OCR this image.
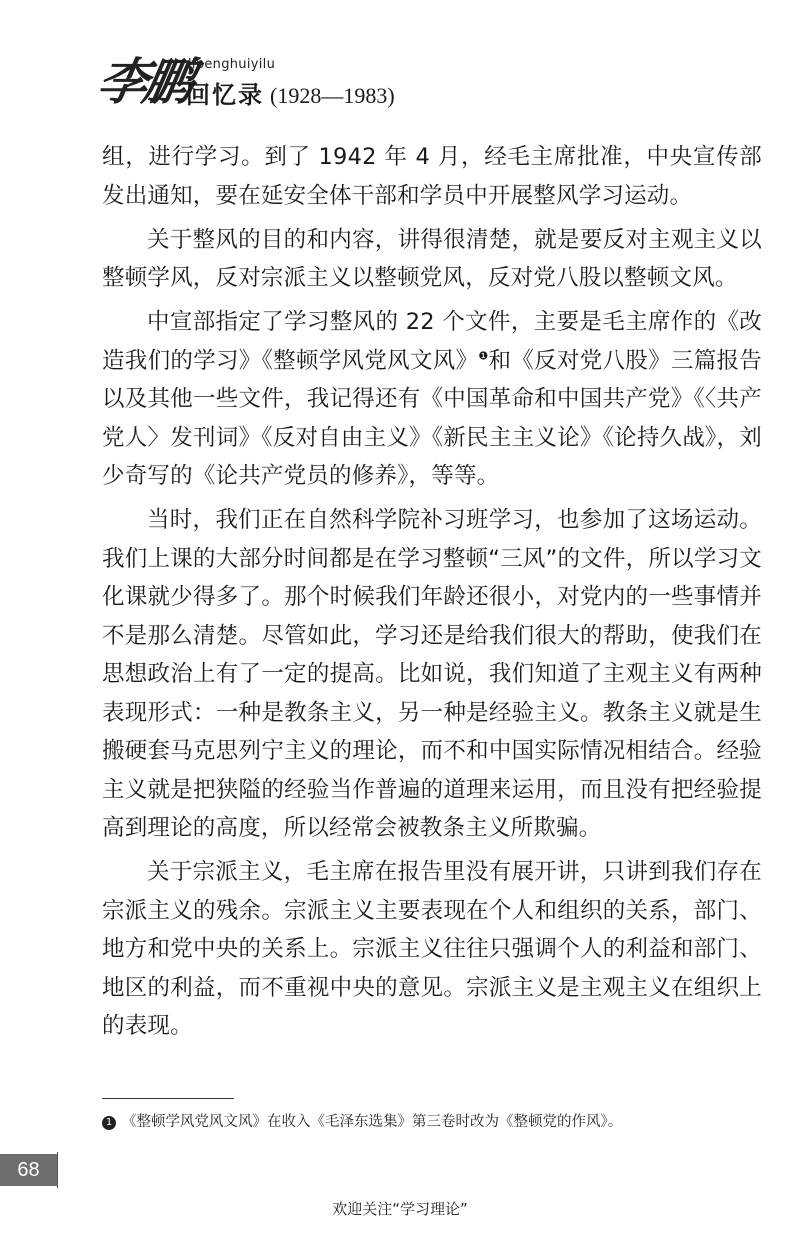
李鹏
lipenghuiyilu
回忆录 (1928—1983)

组，进行学习。到了 1942 年 4 月，经毛主席批准，中央宣传部发出通知，要在延安全体干部和学员中开展整风学习运动。

关于整风的目的和内容，讲得很清楚，就是要反对主观主义以整顿学风，反对宗派主义以整顿党风，反对党八股以整顿文风。

中宣部指定了学习整风的 22 个文件，主要是毛主席作的《改造我们的学习》《整顿学风党风文风》$^❶$和《反对党八股》三篇报告以及其他一些文件，我记得还有《中国革命和中国共产党》《〈共产党人〉发刊词》《反对自由主义》《新民主主义论》《论持久战》，刘少奇写的《论共产党员的修养》，等等。

当时，我们正在自然科学院补习班学习，也参加了这场运动。我们上课的大部分时间都是在学习整顿“三风”的文件，所以学习文化课就少得多了。那个时候我们年龄还很小，对党内的一些事情并不是那么清楚。尽管如此，学习还是给我们很大的帮助，使我们在思想政治上有了一定的提高。比如说，我们知道了主观主义有两种表现形式：一种是教条主义，另一种是经验主义。教条主义就是生搬硬套马克思列宁主义的理论，而不和中国实际情况相结合。经验主义就是把狭隘的经验当作普遍的道理来运用，而且没有把经验提高到理论的高度，所以经常会被教条主义所欺骗。

关于宗派主义，毛主席在报告里没有展开讲，只讲到我们存在宗派主义的残余。宗派主义主要表现在个人和组织的关系，部门、地方和党中央的关系上。宗派主义往往只强调个人的利益和部门、地区的利益，而不重视中央的意见。宗派主义是主观主义在组织上的表现。

1 《整顿学风党风文风》在收入《毛泽东选集》第三卷时改为《整顿党的作风》。
68
欢迎关注“学习理论”
